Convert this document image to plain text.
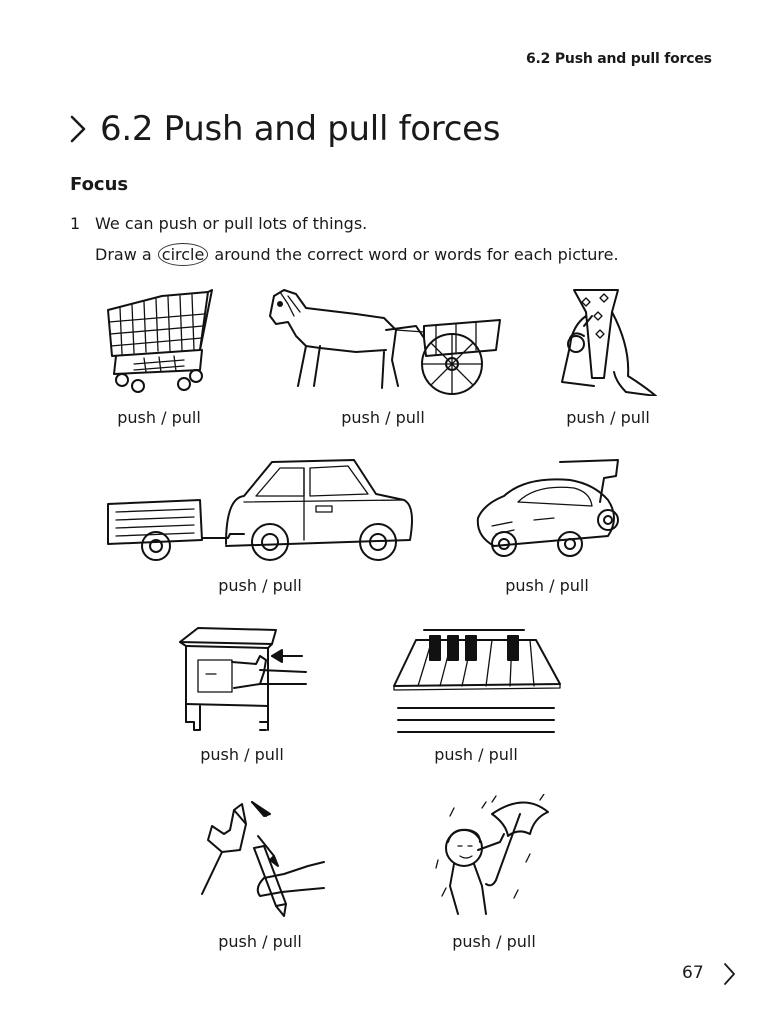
6.2 Push and pull forces
6.2 Push and pull forces
Focus
1 We can push or pull lots of things.
Draw a circle around the correct word or words for each picture.
push / pull	push / pull	push / pull
push / pull	push / pull
push / pull	push / pull
push / pull	push / pull
67
